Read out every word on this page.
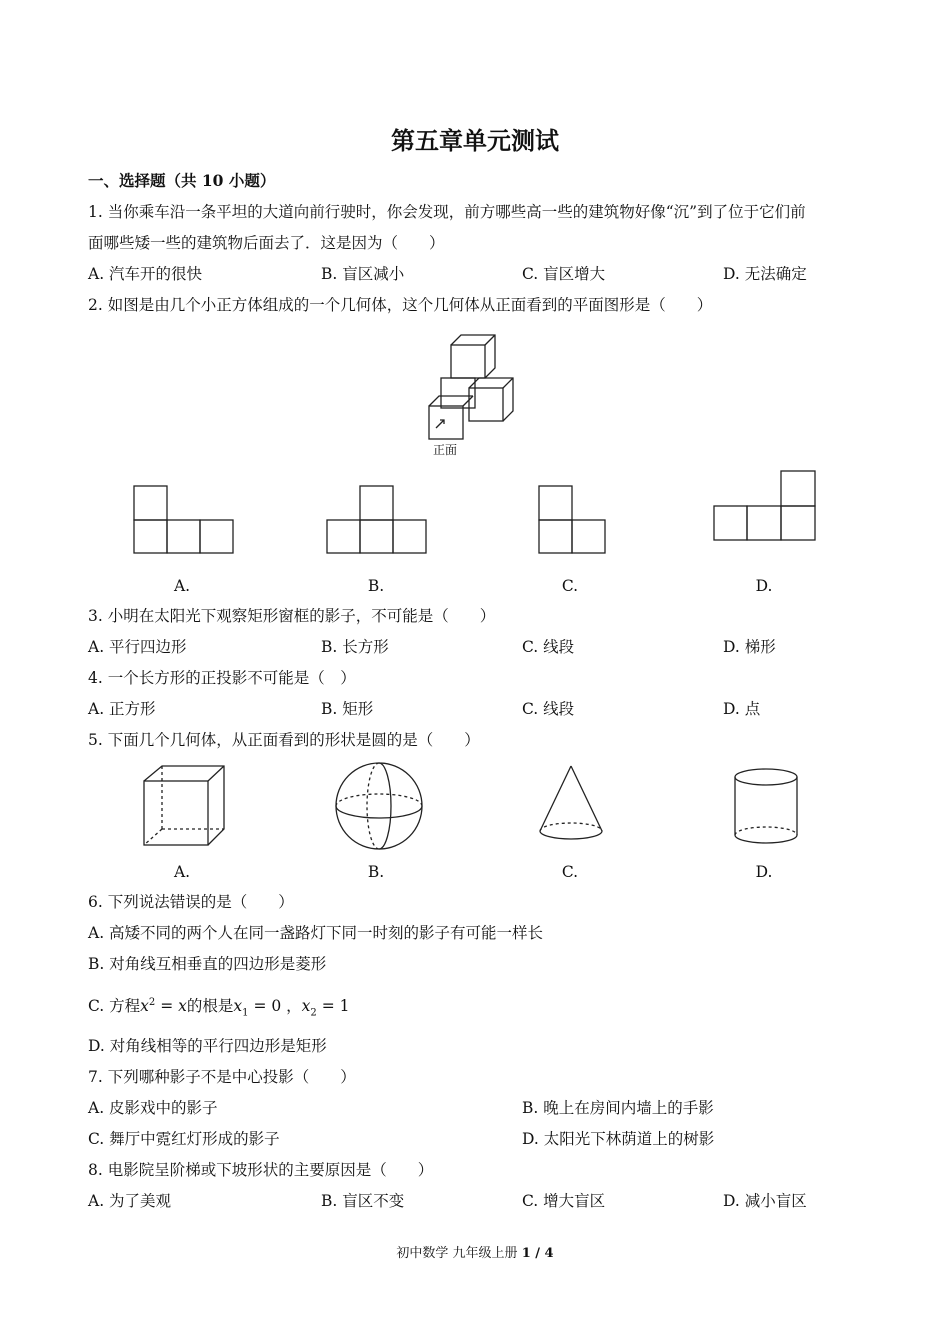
第五章单元测试
一、选择题（共 10 小题）
1. 当你乘车沿一条平坦的大道向前行驶时，你会发现，前方哪些高一些的建筑物好像“沉”到了位于它们前
面哪些矮一些的建筑物后面去了．这是因为（　　）
A. 汽车开的很快	B. 盲区减小	C. 盲区增大	D. 无法确定
2. 如图是由几个小正方体组成的一个几何体，这个几何体从正面看到的平面图形是（　　）
正面
A.	B.	C.	D.
3. 小明在太阳光下观察矩形窗框的影子，不可能是（　　）
A. 平行四边形	B. 长方形	C. 线段	D. 梯形
4. 一个长方形的正投影不可能是（　）
A. 正方形	B. 矩形	C. 线段	D. 点
5. 下面几个几何体，从正面看到的形状是圆的是（　　）
A.	B.	C.	D.
6. 下列说法错误的是（　　）
A. 高矮不同的两个人在同一盏路灯下同一时刻的影子有可能一样长
B. 对角线互相垂直的四边形是菱形
C. 方程$x^2 = x$的根是$x_1 = 0$ ，$x_2 = 1$
D. 对角线相等的平行四边形是矩形
7. 下列哪种影子不是中心投影（　　）
A. 皮影戏中的影子	B. 晚上在房间内墙上的手影
C. 舞厅中霓红灯形成的影子	D. 太阳光下林荫道上的树影
8. 电影院呈阶梯或下坡形状的主要原因是（　　）
A. 为了美观	B. 盲区不变	C. 增大盲区	D. 减小盲区
初中数学 九年级上册 1 / 4
